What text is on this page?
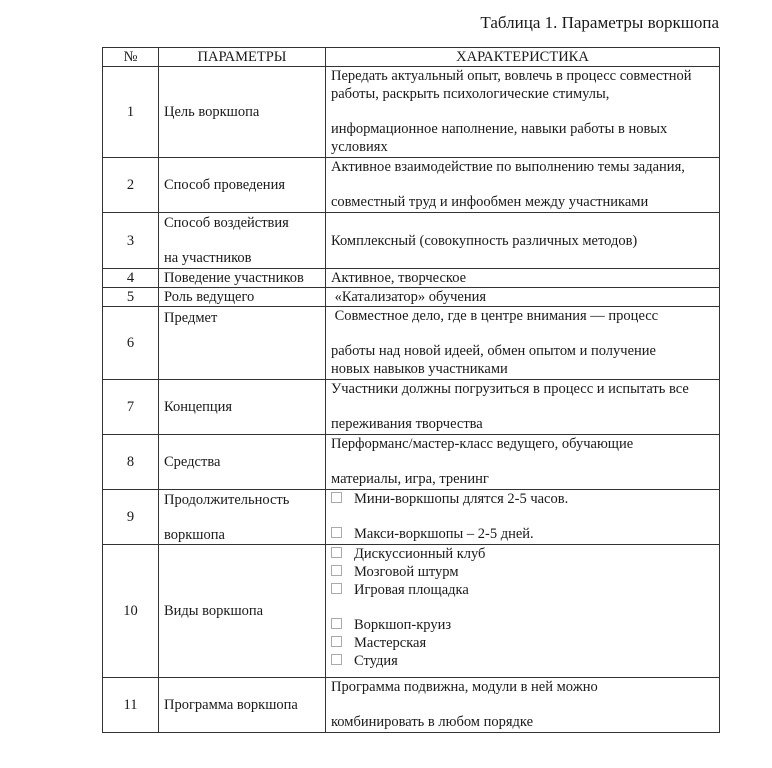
Таблица 1. Параметры воркшопа
№	ПАРАМЕТРЫ	ХАРАКТЕРИСТИКА
1	Цель воркшопа	Передать актуальный опыт, вовлечь в процесс совместной
работы, раскрыть психологические стимулы,
информационное наполнение, навыки работы в новых
условиях

2	Способ проведения	Активное взаимодействие по выполнению темы задания,
совместный труд и инфообмен между участниками

3	Способ воздействия
на участников	Комплексный (совокупность различных методов)

4	Поведение участников	Активное, творческое

5	Роль ведущего	«Катализатор» обучения

6	Предмет	Совместное дело, где в центре внимания — процесс
работы над новой идеей, обмен опытом и получение
новых навыков участниками

7	Концепция	Участники должны погрузиться в процесс и испытать все
переживания творчества

8	Средства	Перформанс/мастер-класс ведущего, обучающие
материалы, игра, тренинг

9	Продолжительность
воркшопа	Мини-воркшопы длятся 2-5 часов.
Макси-воркшопы – 2-5 дней.

10	Виды воркшопа

Дискуссионный клуб
Мозговой штурм
Игровая площадка
Воркшоп-круиз
Мастерская
Студия

11	Программа воркшопа	Программа подвижна, модули в ней можно
комбинировать в любом порядке
